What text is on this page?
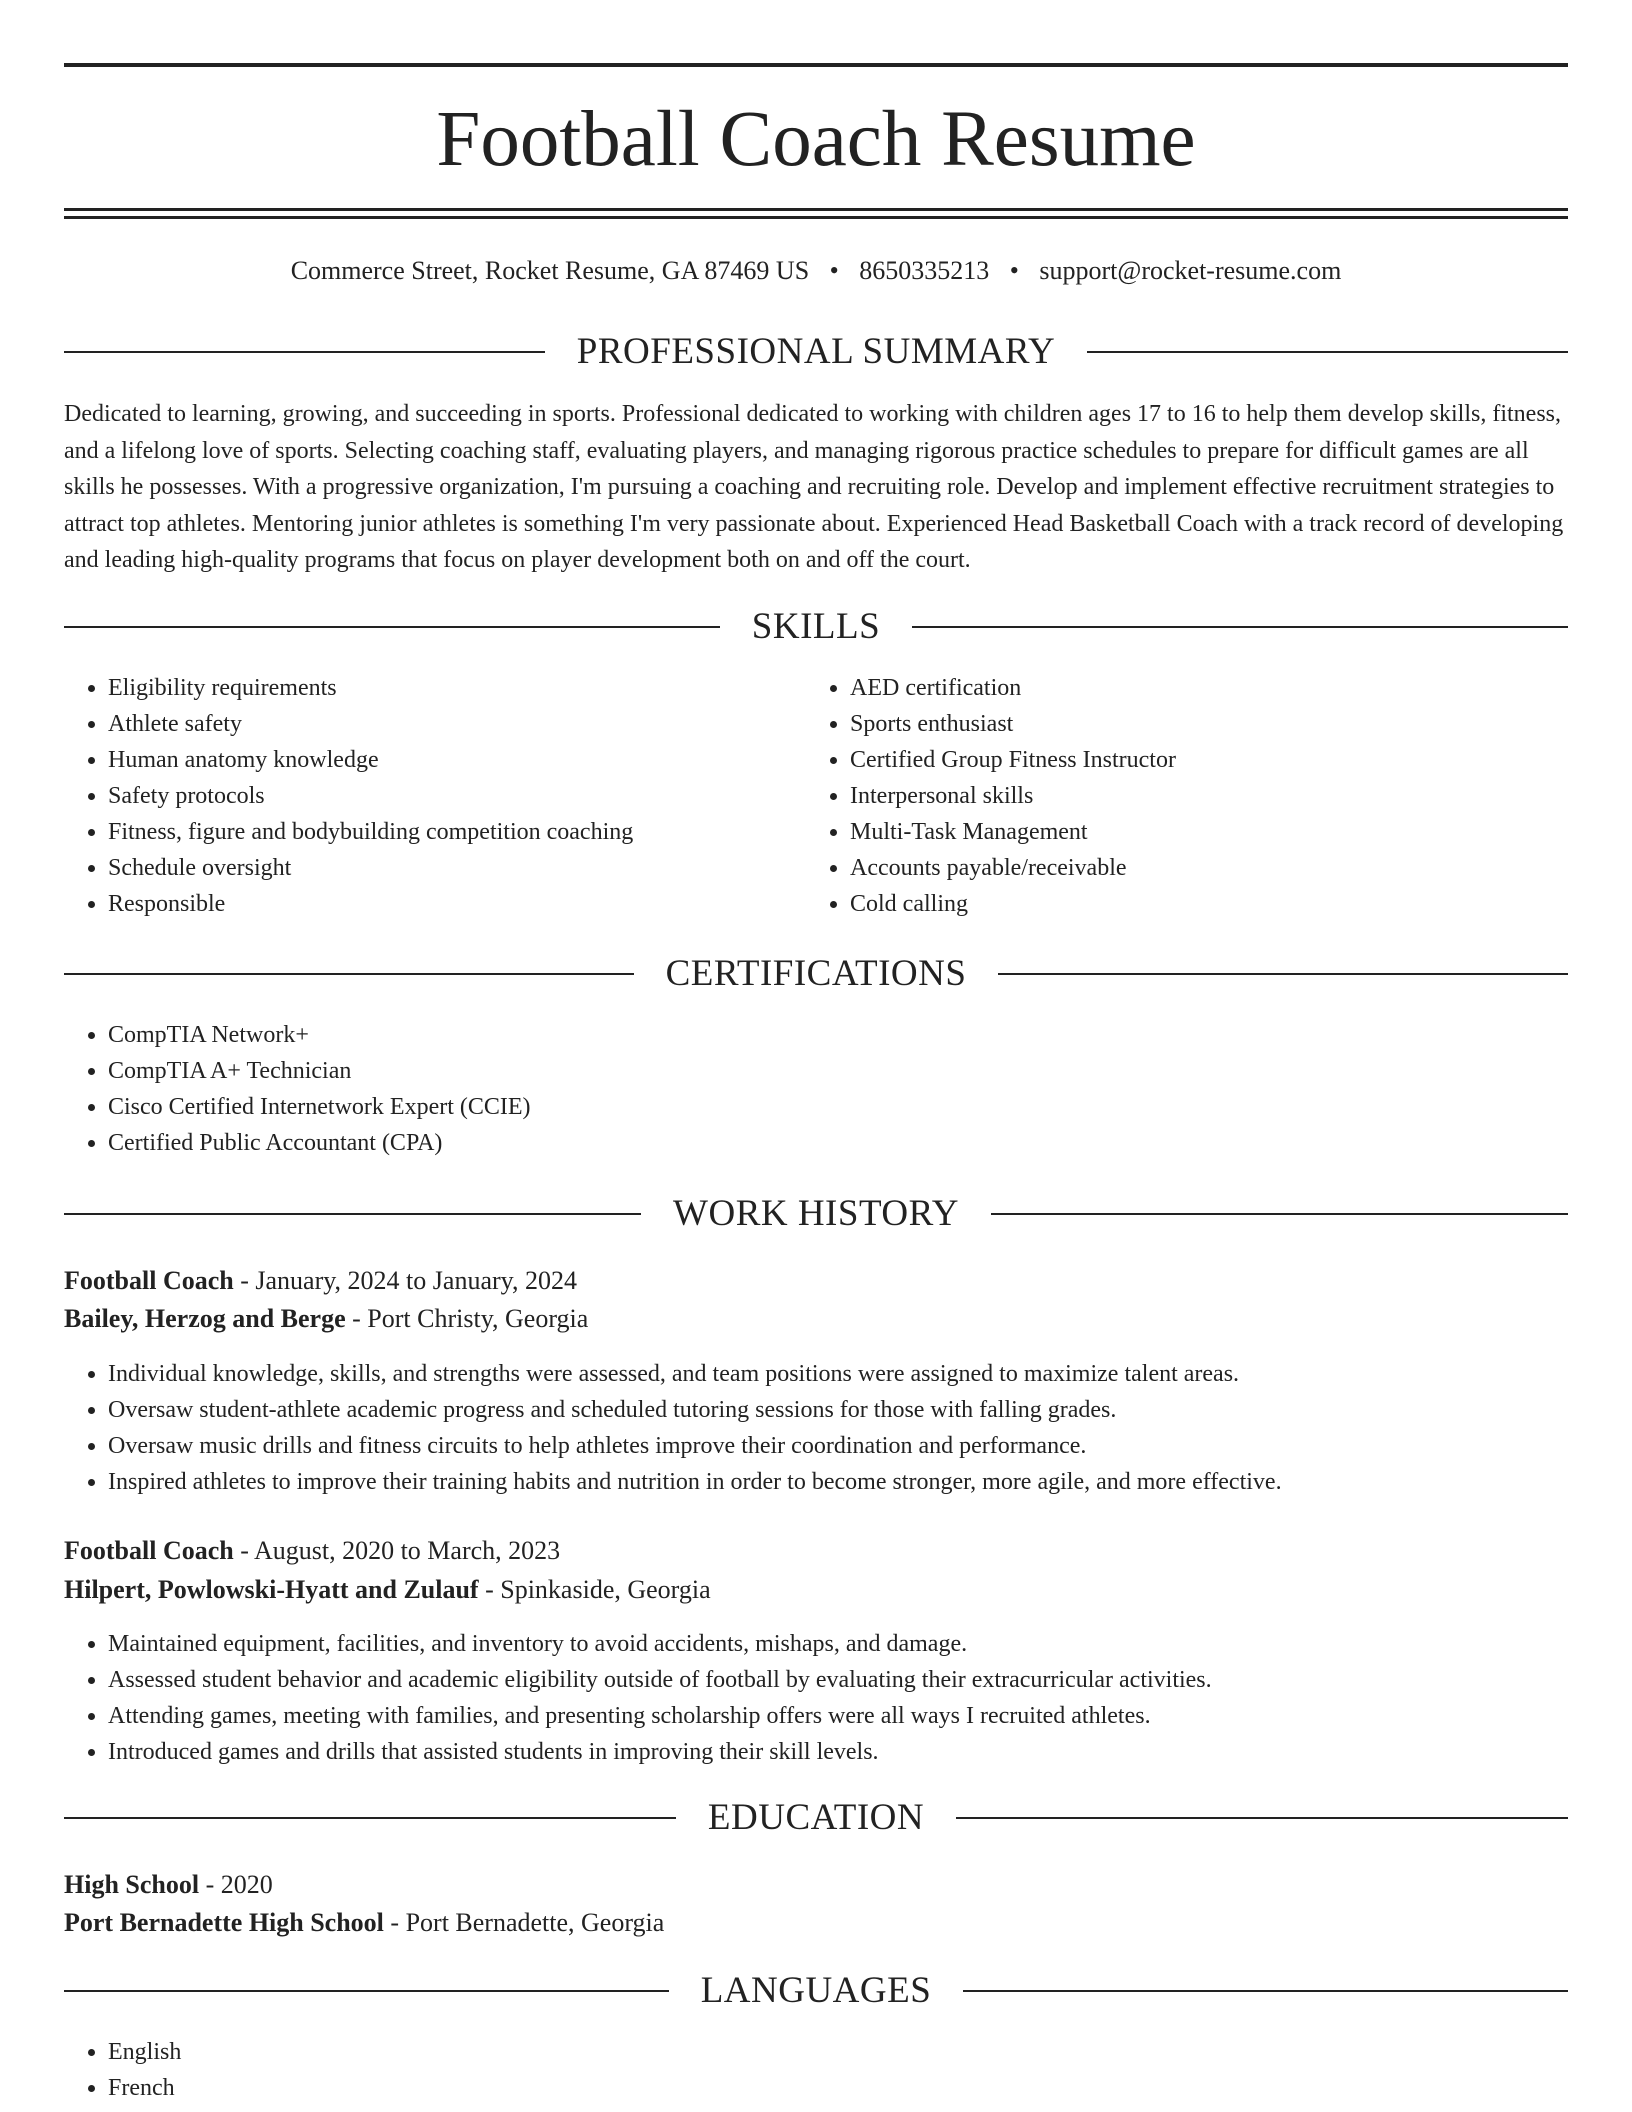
Football Coach Resume
Commerce Street, Rocket Resume, GA 87469 US • 8650335213 • support@rocket-resume.com
PROFESSIONAL SUMMARY
Dedicated to learning, growing, and succeeding in sports. Professional dedicated to working with children ages 17 to 16 to help them develop skills, fitness, and a lifelong love of sports. Selecting coaching staff, evaluating players, and managing rigorous practice schedules to prepare for difficult games are all skills he possesses. With a progressive organization, I'm pursuing a coaching and recruiting role. Develop and implement effective recruitment strategies to attract top athletes. Mentoring junior athletes is something I'm very passionate about. Experienced Head Basketball Coach with a track record of developing and leading high-quality programs that focus on player development both on and off the court.
SKILLS
• Eligibility requirements
• Athlete safety
• Human anatomy knowledge
• Safety protocols
• Fitness, figure and bodybuilding competition coaching
• Schedule oversight
• Responsible
• AED certification
• Sports enthusiast
• Certified Group Fitness Instructor
• Interpersonal skills
• Multi-Task Management
• Accounts payable/receivable
• Cold calling
CERTIFICATIONS
• CompTIA Network+
• CompTIA A+ Technician
• Cisco Certified Internetwork Expert (CCIE)
• Certified Public Accountant (CPA)
WORK HISTORY
Football Coach - January, 2024 to January, 2024
Bailey, Herzog and Berge - Port Christy, Georgia
• Individual knowledge, skills, and strengths were assessed, and team positions were assigned to maximize talent areas.
• Oversaw student-athlete academic progress and scheduled tutoring sessions for those with falling grades.
• Oversaw music drills and fitness circuits to help athletes improve their coordination and performance.
• Inspired athletes to improve their training habits and nutrition in order to become stronger, more agile, and more effective.
Football Coach - August, 2020 to March, 2023
Hilpert, Powlowski-Hyatt and Zulauf - Spinkaside, Georgia
• Maintained equipment, facilities, and inventory to avoid accidents, mishaps, and damage.
• Assessed student behavior and academic eligibility outside of football by evaluating their extracurricular activities.
• Attending games, meeting with families, and presenting scholarship offers were all ways I recruited athletes.
• Introduced games and drills that assisted students in improving their skill levels.
EDUCATION
High School - 2020
Port Bernadette High School - Port Bernadette, Georgia
LANGUAGES
• English
• French
